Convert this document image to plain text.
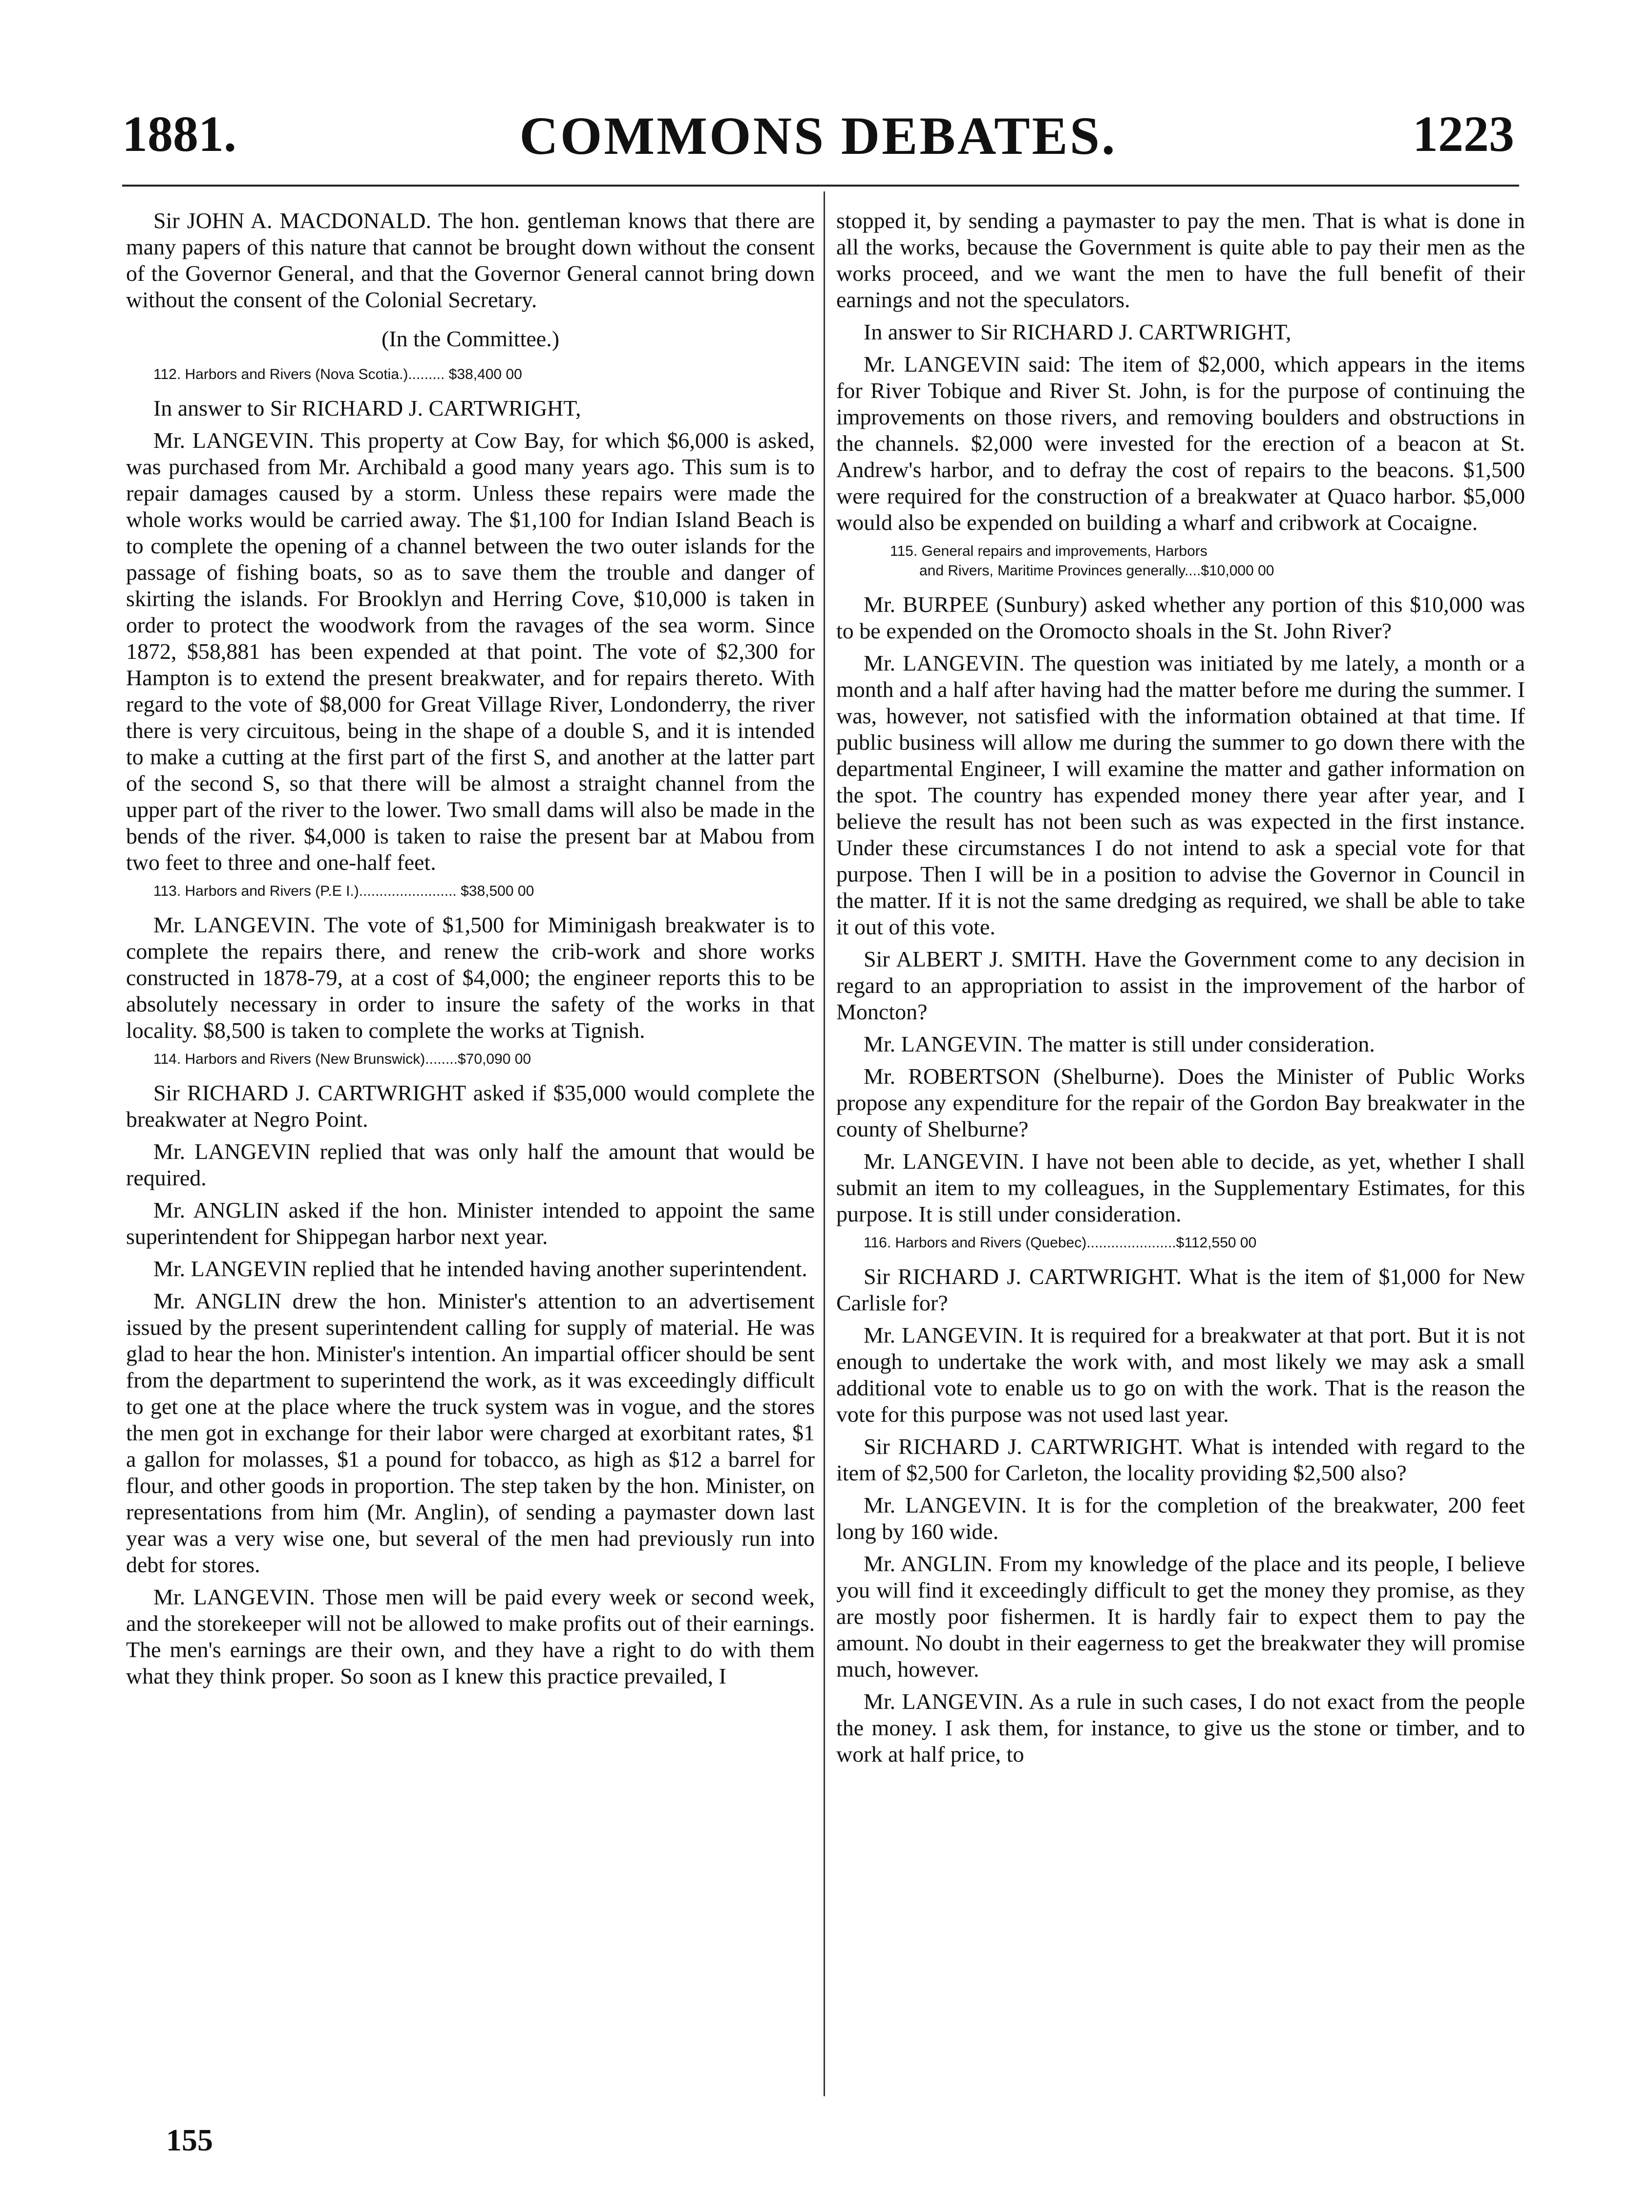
1881.	COMMONS DEBATES.	1223

Sir JOHN A. MACDONALD. The hon. gentleman knows that there are many papers of this nature that cannot be brought down without the consent of the Governor General, and that the Governor General cannot bring down without the consent of the Colonial Secretary.

(In the Committee.)

112. Harbors and Rivers (Nova Scotia.)......... $38,400 00

In answer to Sir RICHARD J. CARTWRIGHT,

Mr. LANGEVIN. This property at Cow Bay, for which $6,000 is asked, was purchased from Mr. Archibald a good many years ago. This sum is to repair damages caused by a storm. Unless these repairs were made the whole works would be carried away. The $1,100 for Indian Island Beach is to complete the opening of a channel between the two outer islands for the passage of fishing boats, so as to save them the trouble and danger of skirting the islands. For Brooklyn and Herring Cove, $10,000 is taken in order to protect the woodwork from the ravages of the sea worm. Since 1872, $58,881 has been expended at that point. The vote of $2,300 for Hampton is to extend the present breakwater, and for repairs thereto. With regard to the vote of $8,000 for Great Village River, Londonderry, the river there is very circuitous, being in the shape of a double S, and it is intended to make a cutting at the first part of the first S, and another at the latter part of the second S, so that there will be almost a straight channel from the upper part of the river to the lower. Two small dams will also be made in the bends of the river. $4,000 is taken to raise the present bar at Mabou from two feet to three and one-half feet.

113. Harbors and Rivers (P.E I.)........................ $38,500 00

Mr. LANGEVIN. The vote of $1,500 for Miminigash breakwater is to complete the repairs there, and renew the crib-work and shore works constructed in 1878-79, at a cost of $4,000; the engineer reports this to be absolutely necessary in order to insure the safety of the works in that locality. $8,500 is taken to complete the works at Tignish.

114. Harbors and Rivers (New Brunswick)........$70,090 00

Sir RICHARD J. CARTWRIGHT asked if $35,000 would complete the breakwater at Negro Point.

Mr. LANGEVIN replied that was only half the amount that would be required.

Mr. ANGLIN asked if the hon. Minister intended to appoint the same superintendent for Shippegan harbor next year.

Mr. LANGEVIN replied that he intended having another superintendent.

Mr. ANGLIN drew the hon. Minister's attention to an advertisement issued by the present superintendent calling for supply of material. He was glad to hear the hon. Minister's intention. An impartial officer should be sent from the department to superintend the work, as it was exceedingly difficult to get one at the place where the truck system was in vogue, and the stores the men got in exchange for their labor were charged at exorbitant rates, $1 a gallon for molasses, $1 a pound for tobacco, as high as $12 a barrel for flour, and other goods in proportion. The step taken by the hon. Minister, on representations from him (Mr. Anglin), of sending a paymaster down last year was a very wise one, but several of the men had previously run into debt for stores.

Mr. LANGEVIN. Those men will be paid every week or second week, and the storekeeper will not be allowed to make profits out of their earnings. The men's earnings are their own, and they have a right to do with them what they think proper. So soon as I knew this practice prevailed, I

stopped it, by sending a paymaster to pay the men. That is what is done in all the works, because the Government is quite able to pay their men as the works proceed, and we want the men to have the full benefit of their earnings and not the speculators.

In answer to Sir RICHARD J. CARTWRIGHT,

Mr. LANGEVIN said: The item of $2,000, which appears in the items for River Tobique and River St. John, is for the purpose of continuing the improvements on those rivers, and removing boulders and obstructions in the channels. $2,000 were invested for the erection of a beacon at St. Andrew's harbor, and to defray the cost of repairs to the beacons. $1,500 were required for the construction of a breakwater at Quaco harbor. $5,000 would also be expended on building a wharf and cribwork at Cocaigne.

115. General repairs and improvements, Harbors
and Rivers, Maritime Provinces generally....$10,000 00

Mr. BURPEE (Sunbury) asked whether any portion of this $10,000 was to be expended on the Oromocto shoals in the St. John River?

Mr. LANGEVIN. The question was initiated by me lately, a month or a month and a half after having had the matter before me during the summer. I was, however, not satisfied with the information obtained at that time. If public business will allow me during the summer to go down there with the departmental Engineer, I will examine the matter and gather information on the spot. The country has expended money there year after year, and I believe the result has not been such as was expected in the first instance. Under these circumstances I do not intend to ask a special vote for that purpose. Then I will be in a position to advise the Governor in Council in the matter. If it is not the same dredging as required, we shall be able to take it out of this vote.

Sir ALBERT J. SMITH. Have the Government come to any decision in regard to an appropriation to assist in the improvement of the harbor of Moncton?

Mr. LANGEVIN. The matter is still under consideration.

Mr. ROBERTSON (Shelburne). Does the Minister of Public Works propose any expenditure for the repair of the Gordon Bay breakwater in the county of Shelburne?

Mr. LANGEVIN. I have not been able to decide, as yet, whether I shall submit an item to my colleagues, in the Supplementary Estimates, for this purpose. It is still under consideration.

116. Harbors and Rivers (Quebec)......................$112,550 00

Sir RICHARD J. CARTWRIGHT. What is the item of $1,000 for New Carlisle for?

Mr. LANGEVIN. It is required for a breakwater at that port. But it is not enough to undertake the work with, and most likely we may ask a small additional vote to enable us to go on with the work. That is the reason the vote for this purpose was not used last year.

Sir RICHARD J. CARTWRIGHT. What is intended with regard to the item of $2,500 for Carleton, the locality providing $2,500 also?

Mr. LANGEVIN. It is for the completion of the breakwater, 200 feet long by 160 wide.

Mr. ANGLIN. From my knowledge of the place and its people, I believe you will find it exceedingly difficult to get the money they promise, as they are mostly poor fishermen. It is hardly fair to expect them to pay the amount. No doubt in their eagerness to get the breakwater they will promise much, however.

Mr. LANGEVIN. As a rule in such cases, I do not exact from the people the money. I ask them, for instance, to give us the stone or timber, and to work at half price, to

155
